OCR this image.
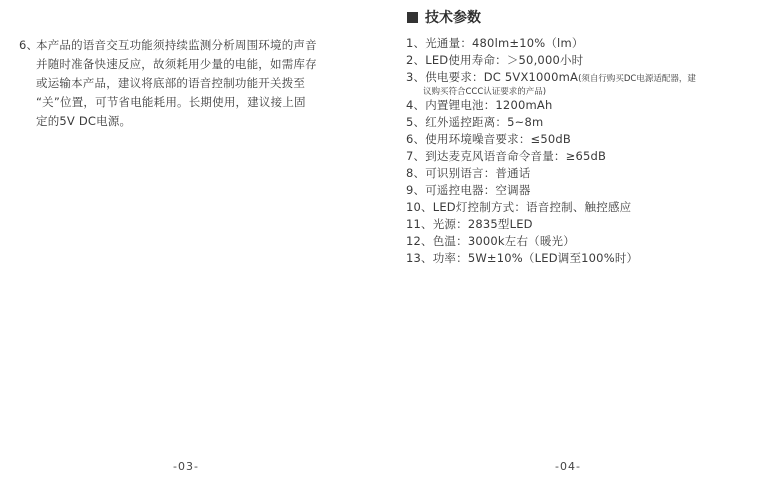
6、
本产品的语音交互功能须持续监测分析周围环境的声音
并随时准备快速反应，故须耗用少量的电能，如需库存
或运输本产品，建议将底部的语音控制功能开关拨至
“关”位置，可节省电能耗用。长期使用，建议接上固
定的5V DC电源。
-03-
技术参数
1、光通量：480lm±10%（lm）
2、LED使用寿命：＞50,000小时
3、供电要求：DC 5VX1000mA(须自行购买DC电源适配器，建
议购买符合CCC认证要求的产品)
4、内置锂电池：1200mAh
5、红外遥控距离：5~8m
6、使用环境噪音要求：≤50dB
7、到达麦克风语音命令音量：≥65dB
8、可识别语言：普通话
9、可遥控电器：空调器
10、LED灯控制方式：语音控制、触控感应
11、光源：2835型LED
12、色温：3000k左右（暖光）
13、功率：5W±10%（LED调至100%时）
-04-
